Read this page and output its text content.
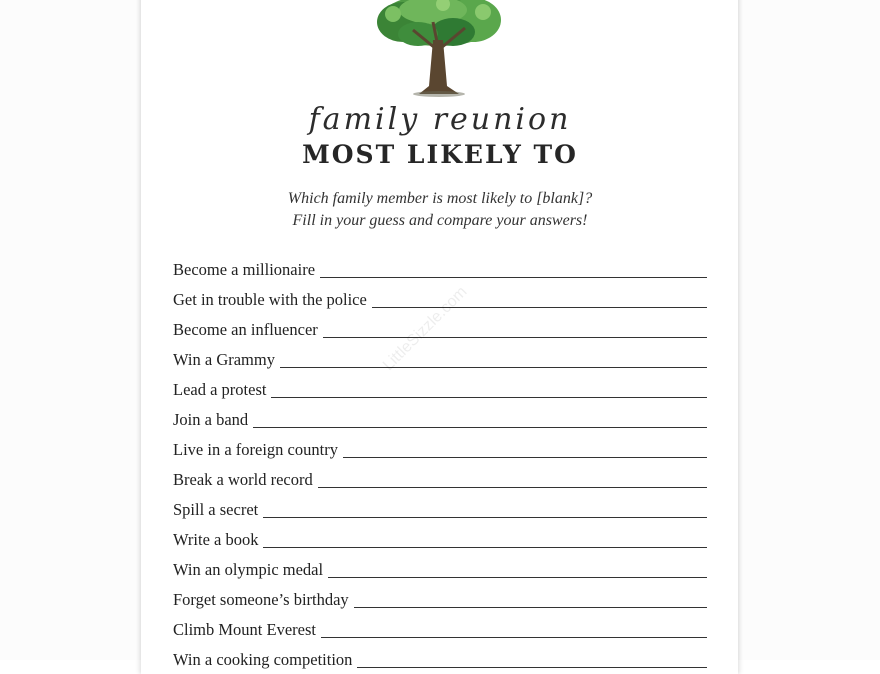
family reunion
MOST LIKELY TO
Which family member is most likely to [blank]?
Fill in your guess and compare your answers!
Become a millionaire
Get in trouble with the police
Become an influencer
Win a Grammy
Lead a protest
Join a band
Live in a foreign country
Break a world record
Spill a secret
Write a book
Win an olympic medal
Forget someone’s birthday
Climb Mount Everest
Win a cooking competition
LittleSizzle.com
